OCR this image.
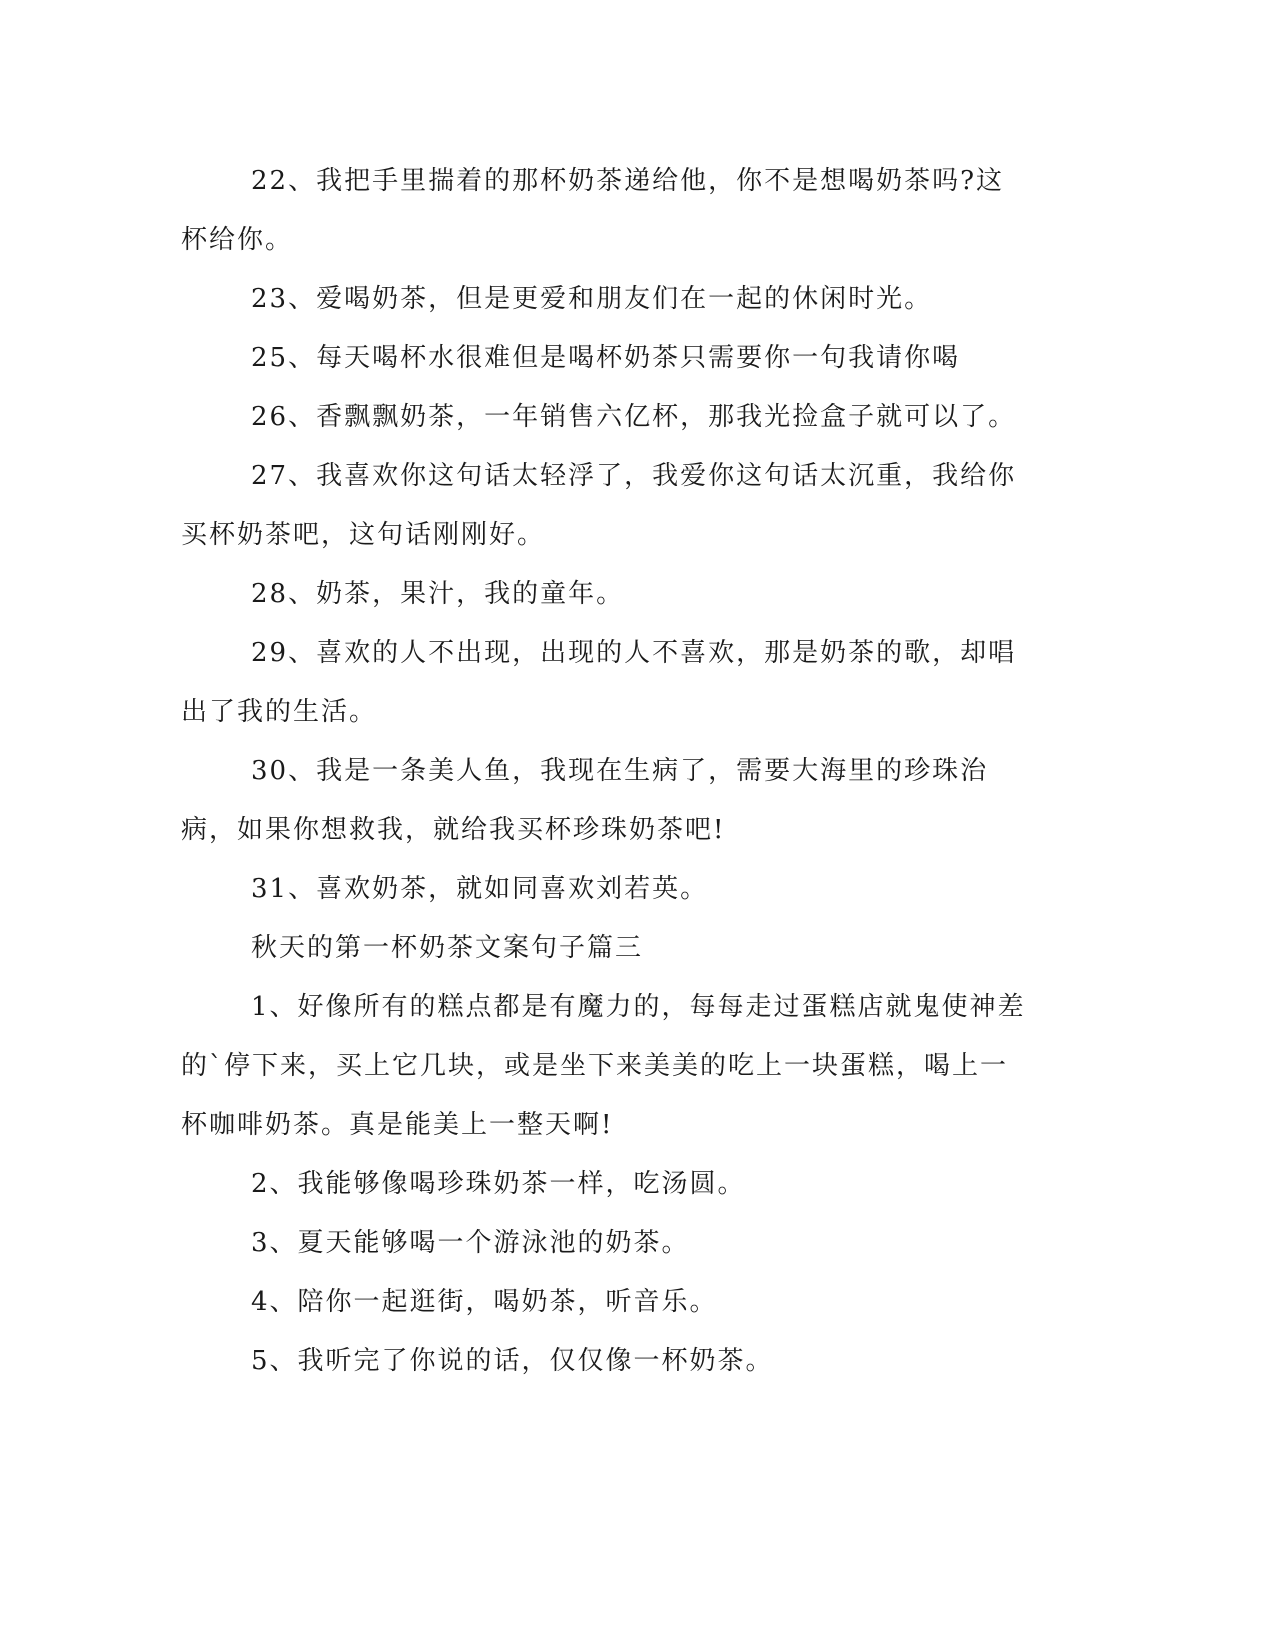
22、我把手里揣着的那杯奶茶递给他，你不是想喝奶茶吗?这杯给你。

23、爱喝奶茶，但是更爱和朋友们在一起的休闲时光。

25、每天喝杯水很难但是喝杯奶茶只需要你一句我请你喝

26、香飘飘奶茶，一年销售六亿杯，那我光捡盒子就可以了。

27、我喜欢你这句话太轻浮了，我爱你这句话太沉重，我给你买杯奶茶吧，这句话刚刚好。

28、奶茶，果汁，我的童年。

29、喜欢的人不出现，出现的人不喜欢，那是奶茶的歌，却唱出了我的生活。

30、我是一条美人鱼，我现在生病了，需要大海里的珍珠治病，如果你想救我，就给我买杯珍珠奶茶吧!

31、喜欢奶茶，就如同喜欢刘若英。

秋天的第一杯奶茶文案句子篇三

1、好像所有的糕点都是有魔力的，每每走过蛋糕店就鬼使神差的`停下来，买上它几块，或是坐下来美美的吃上一块蛋糕，喝上一杯咖啡奶茶。真是能美上一整天啊!

2、我能够像喝珍珠奶茶一样，吃汤圆。

3、夏天能够喝一个游泳池的奶茶。

4、陪你一起逛街，喝奶茶，听音乐。

5、我听完了你说的话，仅仅像一杯奶茶。
